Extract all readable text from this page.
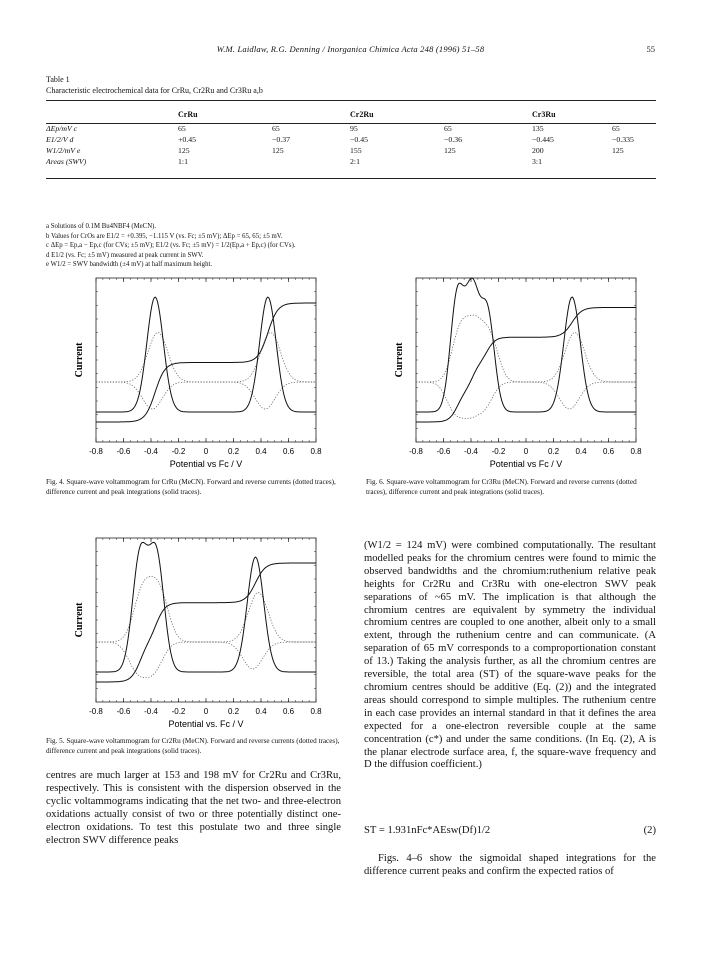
W.M. Laidlaw, R.G. Denning / Inorganica Chimica Acta 248 (1996) 51–58	55
Table 1
Characteristic electrochemical data for CrRu, Cr2Ru and Cr3Ru a,b
	CrRu		Cr2Ru		Cr3Ru		
ΔEp/mV c	65	65	95	65	135	65	
E1/2/V d	+0.45	−0.37	−0.45	−0.36	−0.445	−0.335	
W1/2/mV e	125	125	155	125	200	125	
Areas (SWV)	1:1		2:1		3:1		
a Solutions of 0.1M Bu4NBF4 (MeCN).
b Values for CrOs are E1/2 = +0.395, −1.115 V (vs. Fc; ±5 mV); ΔEp = 65, 65; ±5 mV.
c ΔEp = Ep,a − Ep,c (for CVs; ±5 mV); E1/2 (vs. Fc; ±5 mV) = 1/2(Ep,a + Ep,c) (for CVs).
d E1/2 (vs. Fc; ±5 mV) measured at peak current in SWV.
e W1/2 = SWV bandwidth (±4 mV) at half maximum height.
-0.8 -0.6 -0.4 -0.2 0 0.2 0.4 0.6 0.8
Potential vs Fc / V
Current
Fig. 4. Square-wave voltammogram for CrRu (MeCN). Forward and reverse currents (dotted traces), difference current and peak integrations (solid traces).
-0.8 -0.6 -0.4 -0.2 0 0.2 0.4 0.6 0.8
Potential vs Fc / V
Current
Fig. 6. Square-wave voltammogram for Cr3Ru (MeCN). Forward and reverse currents (dotted traces), difference current and peak integrations (solid traces).
-0.8 -0.6 -0.4 -0.2 0 0.2 0.4 0.6 0.8
Potential vs. Fc / V
Current
Fig. 5. Square-wave voltammogram for Cr2Ru (MeCN). Forward and reverse currents (dotted traces), difference current and peak integrations (solid traces).
(W1/2 = 124 mV) were combined computationally. The resultant modelled peaks for the chromium centres were found to mimic the observed bandwidths and the chromium:ruthenium relative peak heights for Cr2Ru and Cr3Ru with one-electron SWV peak separations of ~65 mV. The implication is that although the chromium centres are equivalent by symmetry the individual chromium centres are coupled to one another, albeit only to a small extent, through the ruthenium centre and can communicate. (A separation of 65 mV corresponds to a comproportionation constant of 13.) Taking the analysis further, as all the chromium centres are reversible, the total area (ST) of the square-wave peaks for the chromium centres should be additive (Eq. (2)) and the integrated areas should correspond to simple multiples. The ruthenium centre in each case provides an internal standard in that it defines the area expected for a one-electron reversible couple at the same concentration (c*) and under the same conditions. (In Eq. (2), A is the planar electrode surface area, f, the square-wave frequency and D the diffusion coefficient.)
ST = 1.931nFc*AEsw(Df)1/2	(2)
Figs. 4–6 show the sigmoidal shaped integrations for the difference current peaks and confirm the expected ratios of
centres are much larger at 153 and 198 mV for Cr2Ru and Cr3Ru, respectively. This is consistent with the dispersion observed in the cyclic voltammograms indicating that the net two- and three-electron oxidations actually consist of two or three potentially distinct one-electron oxidations. To test this postulate two and three single electron SWV difference peaks
